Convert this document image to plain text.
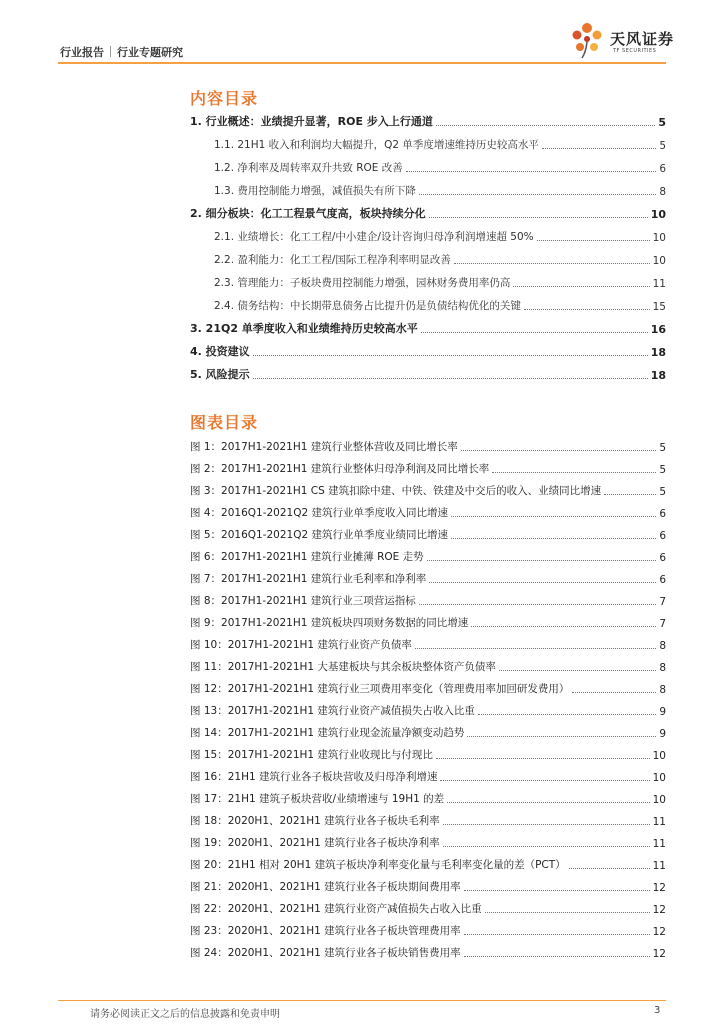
行业报告 行业专题研究
天风证券
TF SECURITIES
内容目录
1. 行业概述：业绩提升显著，ROE 步入上行通道	5
1.1. 21H1 收入和利润均大幅提升，Q2 单季度增速维持历史较高水平	5
1.2. 净利率及周转率双升共致 ROE 改善	6
1.3. 费用控制能力增强，减值损失有所下降	8
2. 细分板块：化工工程景气度高，板块持续分化	10
2.1. 业绩增长：化工工程/中小建企/设计咨询归母净利润增速超 50%	10
2.2. 盈利能力：化工工程/国际工程净利率明显改善	10
2.3. 管理能力：子板块费用控制能力增强，园林财务费用率仍高	11
2.4. 债务结构：中长期带息债务占比提升仍是负债结构优化的关键	15
3. 21Q2 单季度收入和业绩维持历史较高水平	16
4. 投资建议	18
5. 风险提示	18
图表目录
图 1：2017H1-2021H1 建筑行业整体营收及同比增长率	5
图 2：2017H1-2021H1 建筑行业整体归母净利润及同比增长率	5
图 3：2017H1-2021H1 CS 建筑扣除中建、中铁、铁建及中交后的收入、业绩同比增速	5
图 4：2016Q1-2021Q2 建筑行业单季度收入同比增速	6
图 5：2016Q1-2021Q2 建筑行业单季度业绩同比增速	6
图 6：2017H1-2021H1 建筑行业摊薄 ROE 走势	6
图 7：2017H1-2021H1 建筑行业毛利率和净利率	6
图 8：2017H1-2021H1 建筑行业三项营运指标	7
图 9：2017H1-2021H1 建筑板块四项财务数据的同比增速	7
图 10：2017H1-2021H1 建筑行业资产负债率	8
图 11：2017H1-2021H1 大基建板块与其余板块整体资产负债率	8
图 12：2017H1-2021H1 建筑行业三项费用率变化（管理费用率加回研发费用）	8
图 13：2017H1-2021H1 建筑行业资产减值损失占收入比重	9
图 14：2017H1-2021H1 建筑行业现金流量净额变动趋势	9
图 15：2017H1-2021H1 建筑行业收现比与付现比	10
图 16：21H1 建筑行业各子板块营收及归母净利增速	10
图 17：21H1 建筑子板块营收/业绩增速与 19H1 的差	10
图 18：2020H1、2021H1 建筑行业各子板块毛利率	11
图 19：2020H1、2021H1 建筑行业各子板块净利率	11
图 20：21H1 相对 20H1 建筑子板块净利率变化量与毛利率变化量的差（PCT）	11
图 21：2020H1、2021H1 建筑行业各子板块期间费用率	12
图 22：2020H1、2021H1 建筑行业资产减值损失占收入比重	12
图 23：2020H1、2021H1 建筑行业各子板块管理费用率	12
图 24：2020H1、2021H1 建筑行业各子板块销售费用率	12
请务必阅读正文之后的信息披露和免责申明	3
